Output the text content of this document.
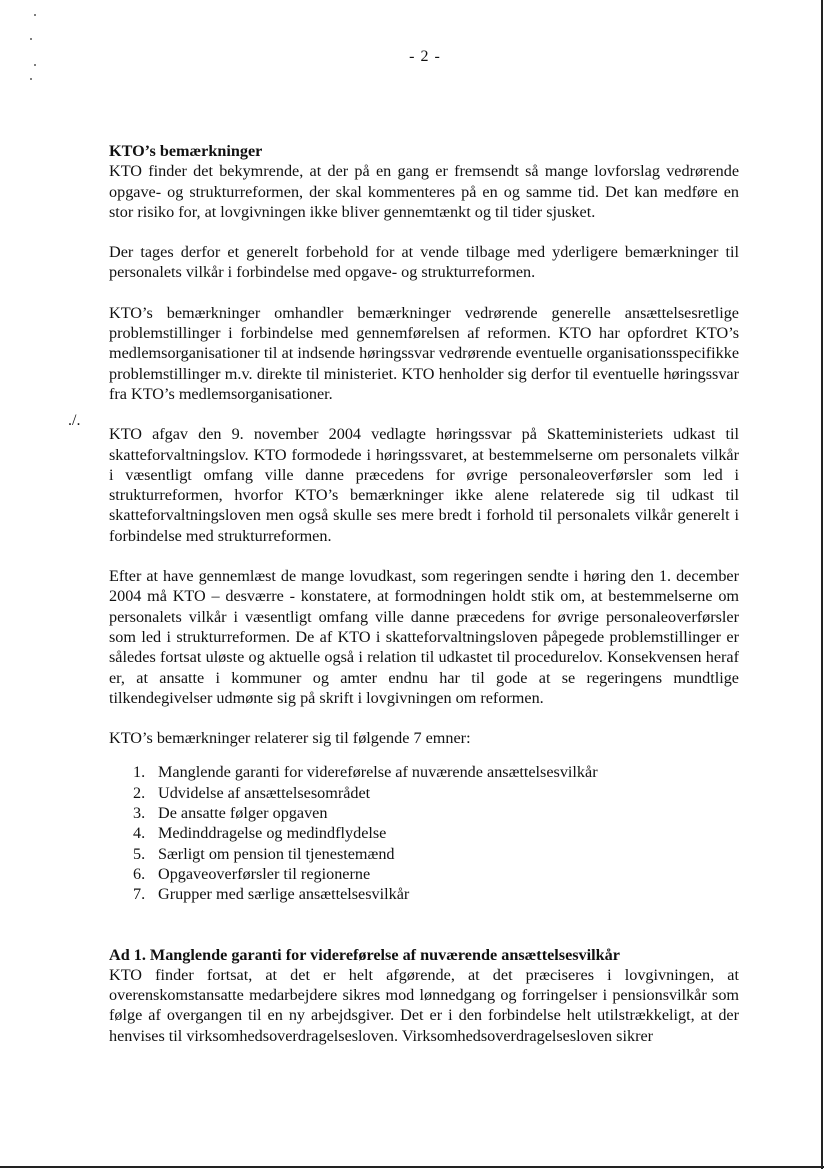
- 2 -
./.

KTO’s bemærkninger

KTO finder det bekymrende, at der på en gang er fremsendt så mange lovforslag vedrørende opgave- og strukturreformen, der skal kommenteres på en og samme tid. Det kan medføre en stor risiko for, at lovgivningen ikke bliver gennemtænkt og til tider sjusket.

Der tages derfor et generelt forbehold for at vende tilbage med yderligere bemærkninger til personalets vilkår i forbindelse med opgave- og strukturreformen.

KTO’s bemærkninger omhandler bemærkninger vedrørende generelle ansættelsesretlige problemstillinger i forbindelse med gennemførelsen af reformen. KTO har opfordret KTO’s medlemsorganisationer til at indsende høringssvar vedrørende eventuelle organisationsspecifikke problemstillinger m.v. direkte til ministeriet. KTO henholder sig derfor til eventuelle høringssvar fra KTO’s medlemsorganisationer.

KTO afgav den 9. november 2004 vedlagte høringssvar på Skatteministeriets udkast til skatteforvaltningslov. KTO formodede i høringssvaret, at bestemmelserne om personalets vilkår i væsentligt omfang ville danne præcedens for øvrige personaleoverførsler som led i strukturreformen, hvorfor KTO’s bemærkninger ikke alene relaterede sig til udkast til skatteforvaltningsloven men også skulle ses mere bredt i forhold til personalets vilkår generelt i forbindelse med strukturreformen.

Efter at have gennemlæst de mange lovudkast, som regeringen sendte i høring den 1. december 2004 må KTO – desværre - konstatere, at formodningen holdt stik om, at bestemmelserne om personalets vilkår i væsentligt omfang ville danne præcedens for øvrige personaleoverførsler som led i strukturreformen. De af KTO i skatteforvaltningsloven påpegede problemstillinger er således fortsat uløste og aktuelle også i relation til udkastet til procedurelov. Konsekvensen heraf er, at ansatte i kommuner og amter endnu har til gode at se regeringens mundtlige tilkendegivelser udmønte sig på skrift i lovgivningen om reformen.

KTO’s bemærkninger relaterer sig til følgende 7 emner:

1. Manglende garanti for videreførelse af nuværende ansættelsesvilkår
2. Udvidelse af ansættelsesområdet
3. De ansatte følger opgaven
4. Medinddragelse og medindflydelse
5. Særligt om pension til tjenestemænd
6. Opgaveoverførsler til regionerne
7. Grupper med særlige ansættelsesvilkår

Ad 1. Manglende garanti for videreførelse af nuværende ansættelsesvilkår

KTO finder fortsat, at det er helt afgørende, at det præciseres i lovgivningen, at overenskomstansatte medarbejdere sikres mod lønnedgang og forringelser i pensionsvilkår som følge af overgangen til en ny arbejdsgiver. Det er i den forbindelse helt utilstrækkeligt, at der henvises til virksomhedsoverdragelsesloven. Virksomhedsoverdragelsesloven sikrer
